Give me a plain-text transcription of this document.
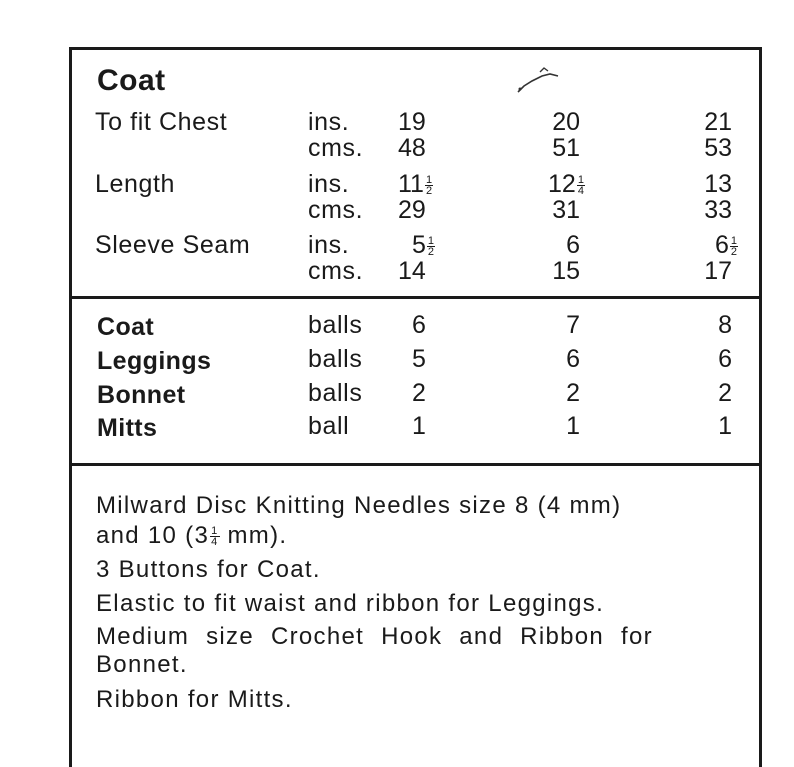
Coat
To fit Chest	ins. 19	20	21
cms. 48	51	53
Length	ins. $11 \frac{1}{2}$	$12 \frac{1}{4}$	13
cms. 29	31	33
Sleeve Seam ins.	$5 \frac{1}{2}$	6	$6 \frac{1}{2}$
cms. 14	15	17
Coat	balls 6	7	8
Leggings	balls 5	6	6
Bonnet	balls 2	2	2
Mitts	ball	1	1	1
Milward Disc Knitting Needles size 8 (4 mm)
and 10 $(3 \frac{1}{4} mm)$.
3 Buttons for Coat.
Elastic to fit waist and ribbon for Leggings.
Medium size Crochet Hook and Ribbon for
Bonnet.
Ribbon for Mitts.
